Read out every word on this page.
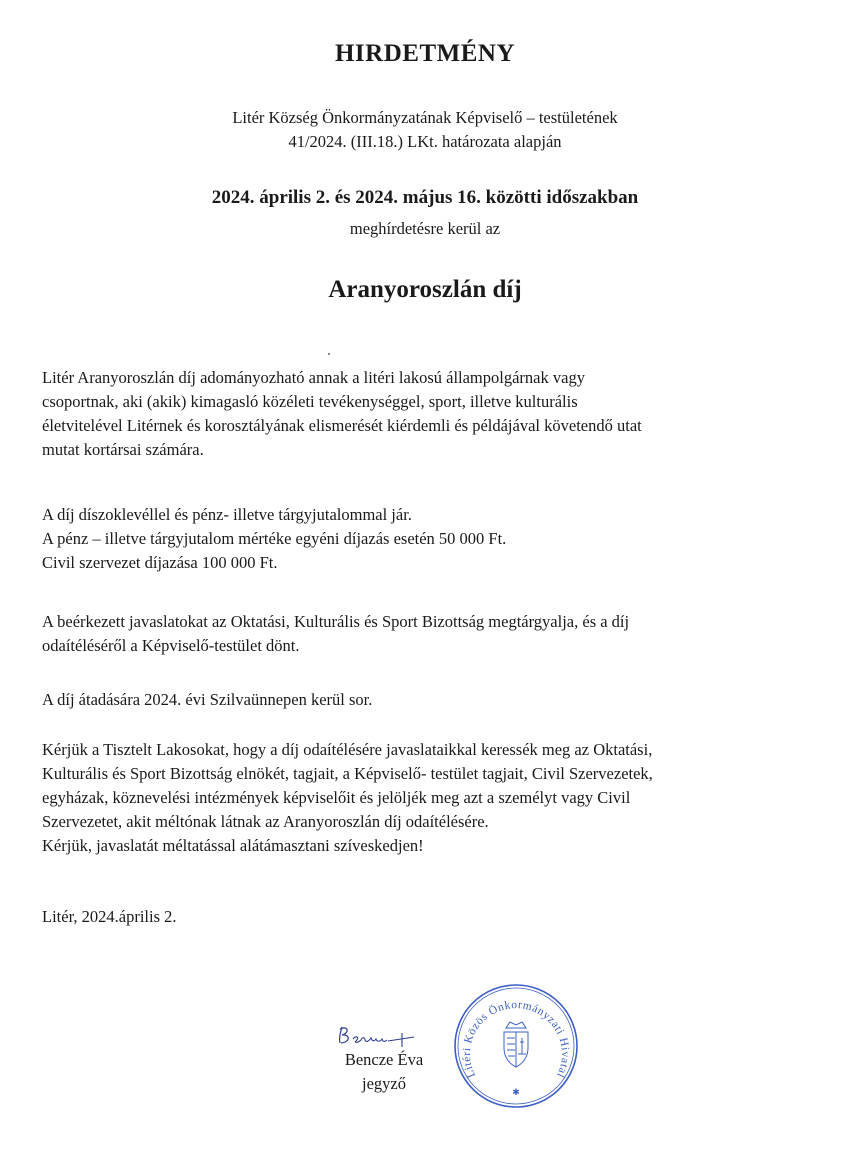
HIRDETMÉNY
Litér Község Önkormányzatának Képviselő – testületének
41/2024. (III.18.) LKt. határozata alapján
2024. április 2. és 2024. május 16. közötti időszakban
meghírdetésre kerül az
Aranyoroszlán díj
Litér Aranyoroszlán díj adományozható annak a litéri lakosú állampolgárnak vagy
csoportnak, aki (akik) kimagasló közéleti tevékenységgel, sport, illetve kulturális
életvitelével Litérnek és korosztályának elismerését kiérdemli és példájával követendő utat
mutat kortársai számára.
A díj díszoklevéllel és pénz- illetve tárgyjutalommal jár.
A pénz – illetve tárgyjutalom mértéke egyéni díjazás esetén 50 000 Ft.
Civil szervezet díjazása 100 000 Ft.
A beérkezett javaslatokat az Oktatási, Kulturális és Sport Bizottság megtárgyalja, és a díj
odaítéléséről a Képviselő-testület dönt.
A díj átadására 2024. évi Szilvaünnepen kerül sor.
Kérjük a Tisztelt Lakosokat, hogy a díj odaítélésére javaslataikkal keressék meg az Oktatási,
Kulturális és Sport Bizottság elnökét, tagjait, a Képviselő- testület tagjait, Civil Szervezetek,
egyházak, köznevelési intézmények képviselőit és jelöljék meg azt a személyt vagy Civil
Szervezetet, akit méltónak látnak az Aranyoroszlán díj odaítélésére.
Kérjük, javaslatát méltatással alátámasztani szíveskedjen!
Litér, 2024.április 2.
Bencze Éva
jegyző
Litéri Közös Önkormányzati Hivatal
✱
